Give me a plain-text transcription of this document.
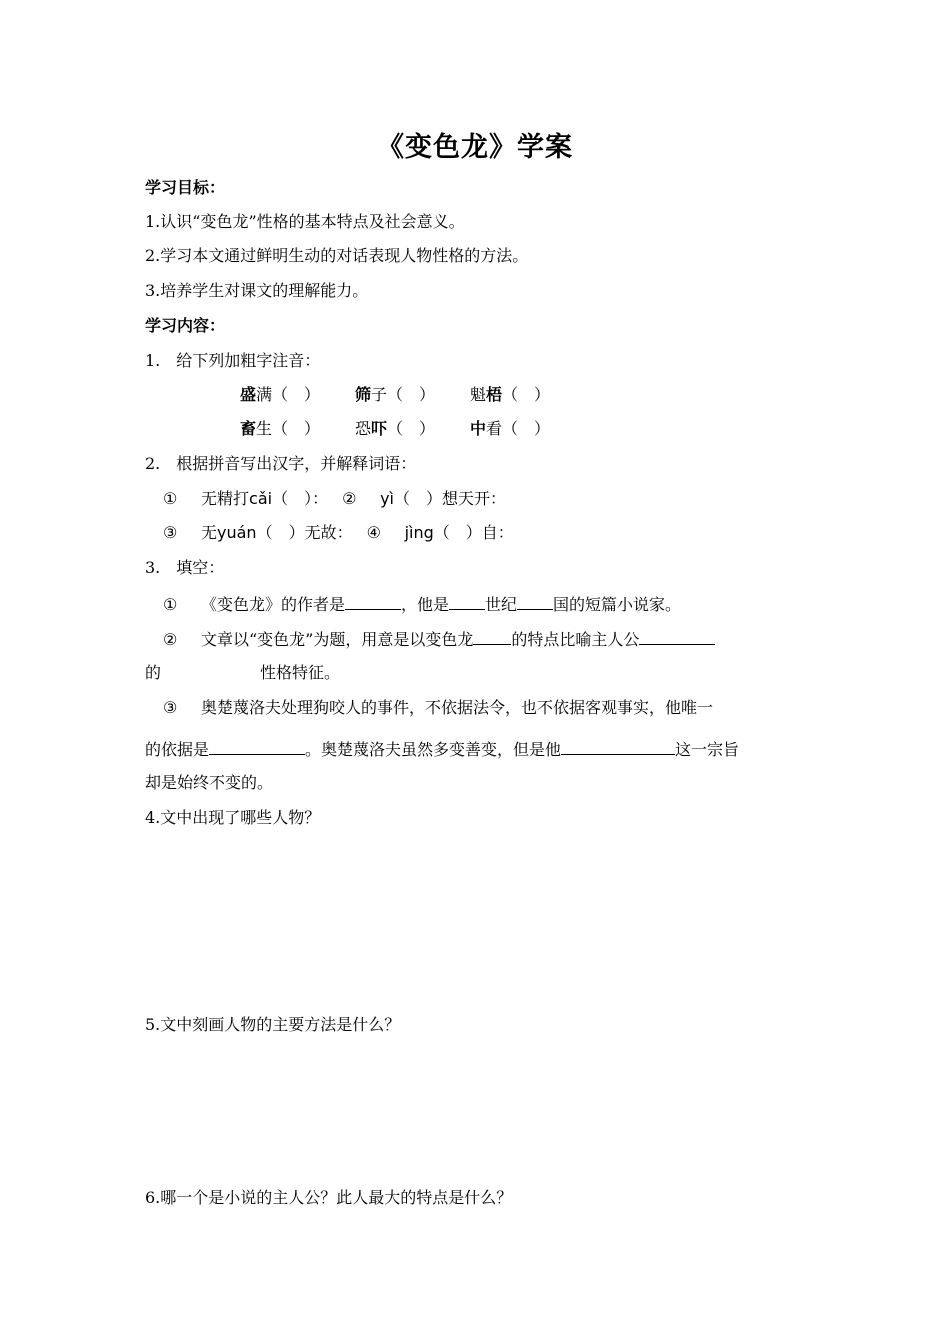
《变色龙》学案
学习目标：
1.认识“变色龙”性格的基本特点及社会意义。
2.学习本文通过鲜明生动的对话表现人物性格的方法。
3.培养学生对课文的理解能力。
学习内容：
1.　给下列加粗字注音：
盛满（　） 筛子（　） 魁梧（　）
畜生（　） 恐吓（　） 中看（　）
2.　根据拼音写出汉字，并解释词语：
① 无精打cǎi（　）： ② yì（　）想天开：
③ 无yuán（　）无故： ④ jìng（　）自：
3.　填空：
① 《变色龙》的作者是	，他是 世纪 国的短篇小说家。
② 文章以“变色龙”为题，用意是以变色龙 的特点比喻主人公
的	性格特征。
③ 奥楚蔑洛夫处理狗咬人的事件，不依据法令，也不依据客观事实，他唯一
的依据是	。奥楚蔑洛夫虽然多变善变，但是他	这一宗旨
却是始终不变的。
4.文中出现了哪些人物？
5.文中刻画人物的主要方法是什么？
6.哪一个是小说的主人公？此人最大的特点是什么？
